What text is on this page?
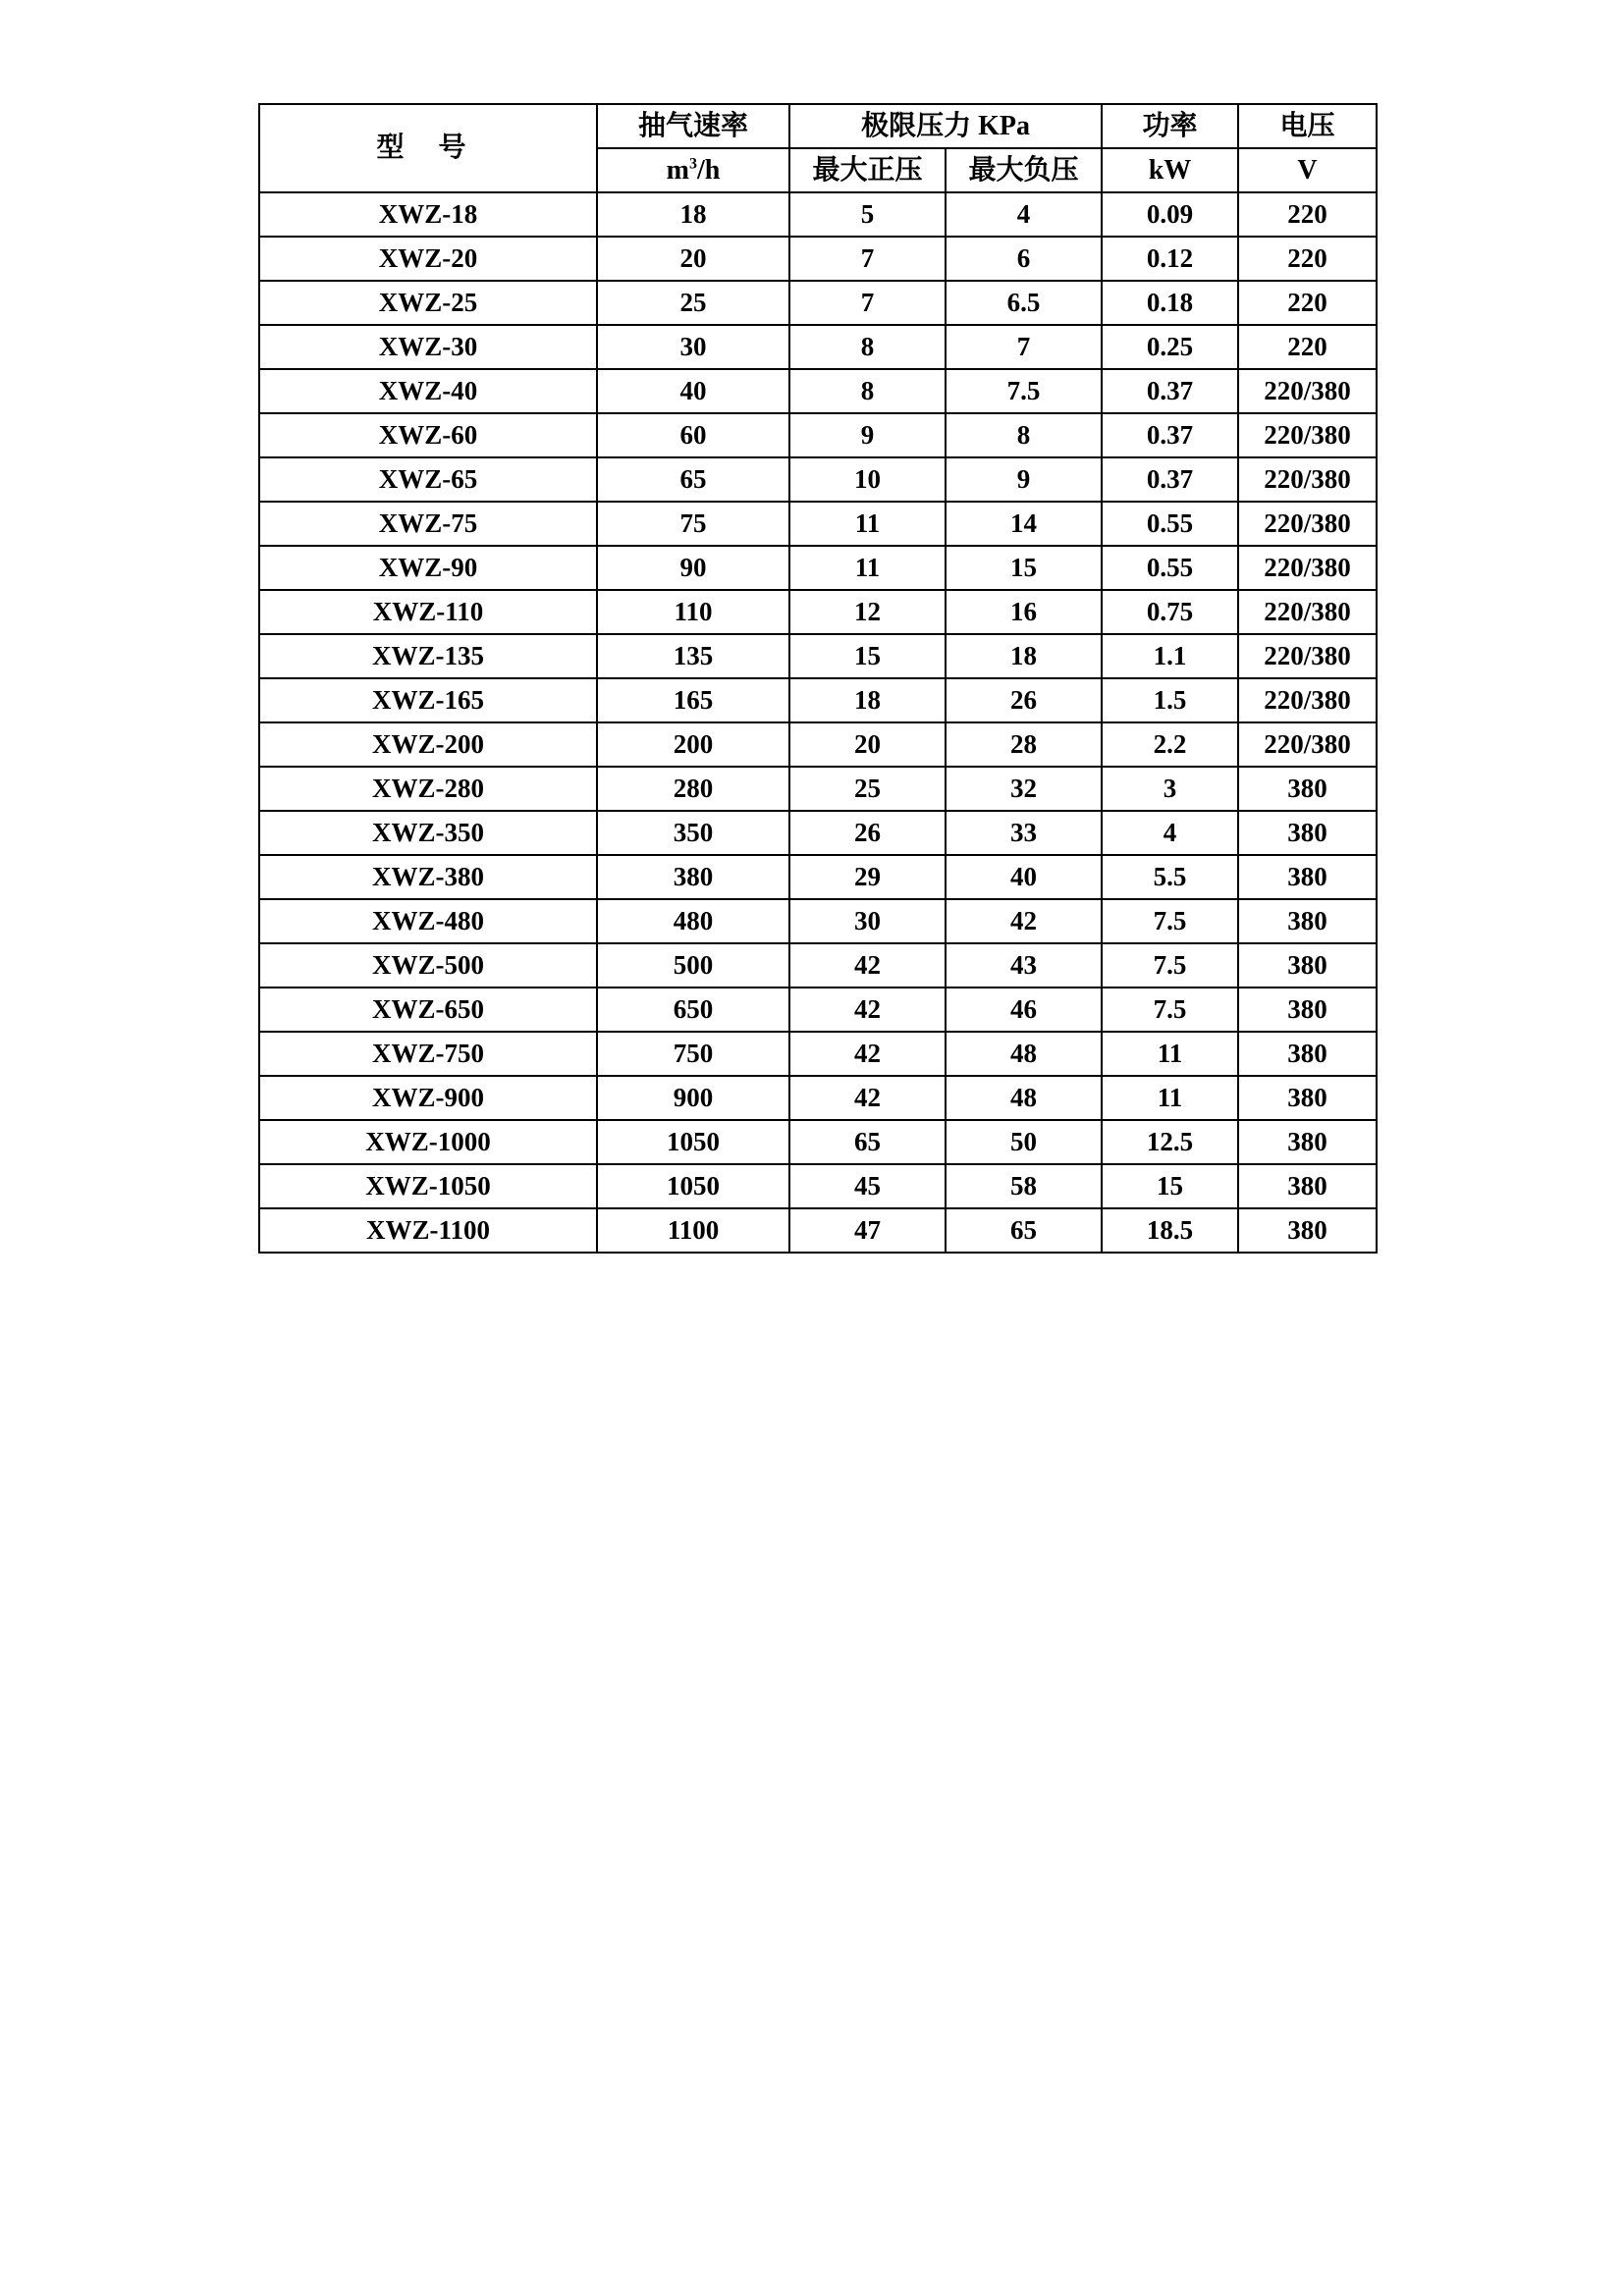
型 号	抽气速率	极限压力 KPa		功率	电压
	$m^3/h$	最大正压	最大负压	kW	V
XWZ-18	18	5	4	0.09	220
XWZ-20	20	7	6	0.12	220
XWZ-25	25	7	6.5	0.18	220
XWZ-30	30	8	7	0.25	220
XWZ-40	40	8	7.5	0.37	220/380
XWZ-60	60	9	8	0.37	220/380
XWZ-65	65	10	9	0.37	220/380
XWZ-75	75	11	14	0.55	220/380
XWZ-90	90	11	15	0.55	220/380
XWZ-110	110	12	16	0.75	220/380
XWZ-135	135	15	18	1.1	220/380
XWZ-165	165	18	26	1.5	220/380
XWZ-200	200	20	28	2.2	220/380
XWZ-280	280	25	32	3	380
XWZ-350	350	26	33	4	380
XWZ-380	380	29	40	5.5	380
XWZ-480	480	30	42	7.5	380
XWZ-500	500	42	43	7.5	380
XWZ-650	650	42	46	7.5	380
XWZ-750	750	42	48	11	380
XWZ-900	900	42	48	11	380
XWZ-1000	1050	65	50	12.5	380
XWZ-1050	1050	45	58	15	380
XWZ-1100	1100	47	65	18.5	380
